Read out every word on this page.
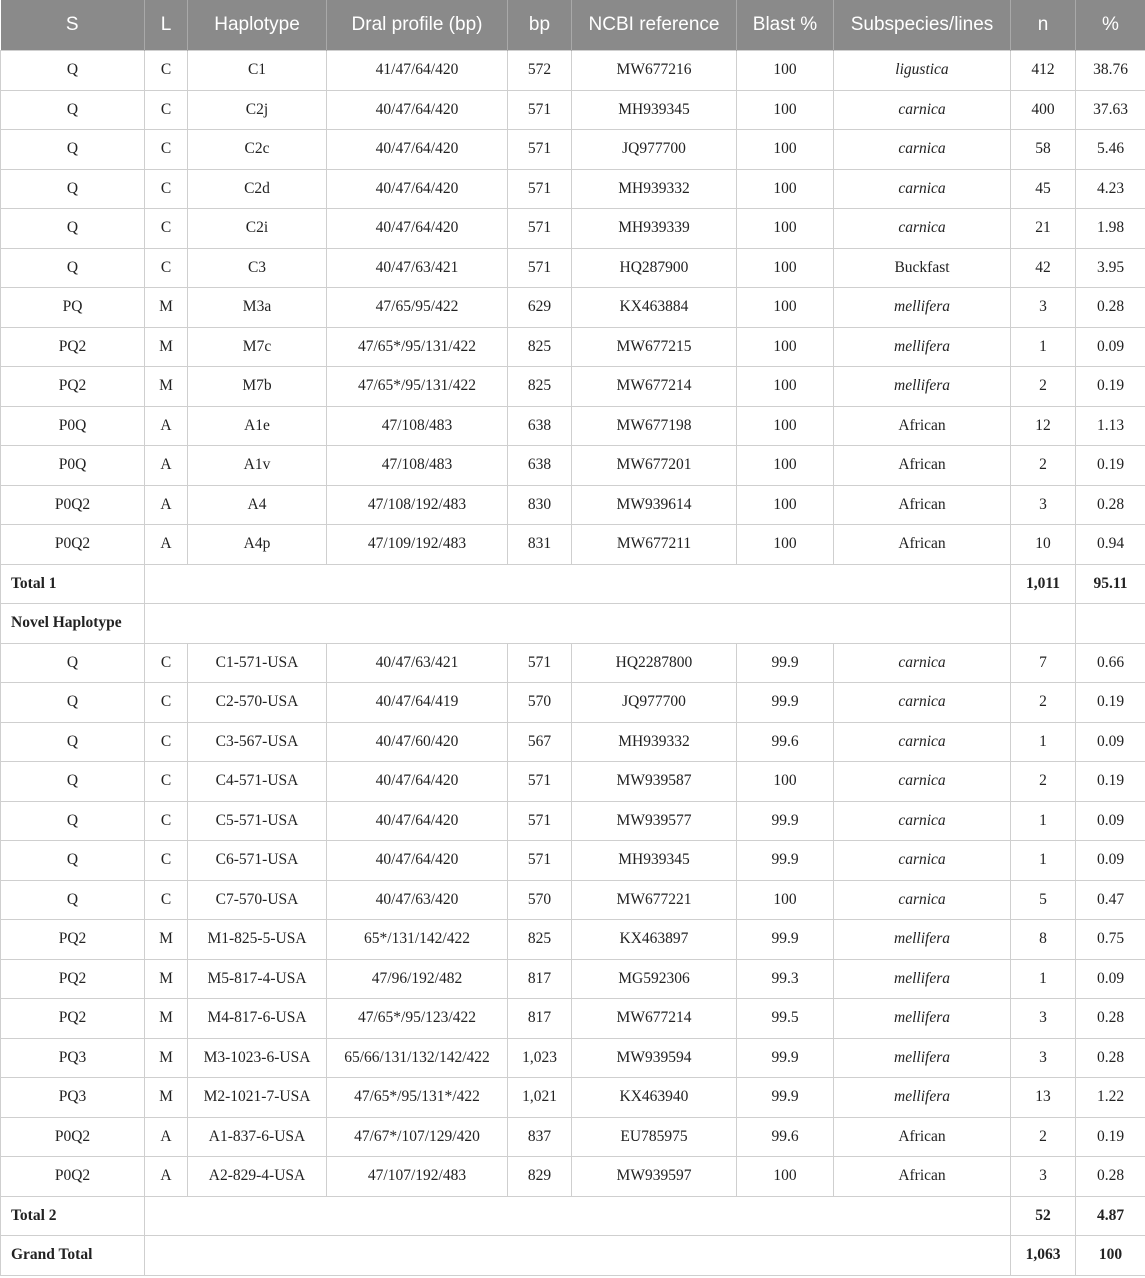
S	L	Haplotype	Dral profile (bp)	bp	NCBI reference	Blast %	Subspecies/lines	n	%
Q	C	C1	41/47/64/420	572	MW677216	100	ligustica	412	38.76
Q	C	C2j	40/47/64/420	571	MH939345	100	carnica	400	37.63
Q	C	C2c	40/47/64/420	571	JQ977700	100	carnica	58	5.46
Q	C	C2d	40/47/64/420	571	MH939332	100	carnica	45	4.23
Q	C	C2i	40/47/64/420	571	MH939339	100	carnica	21	1.98
Q	C	C3	40/47/63/421	571	HQ287900	100	Buckfast	42	3.95
PQ	M	M3a	47/65/95/422	629	KX463884	100	mellifera	3	0.28
PQ2	M	M7c	47/65*/95/131/422	825	MW677215	100	mellifera	1	0.09
PQ2	M	M7b	47/65*/95/131/422	825	MW677214	100	mellifera	2	0.19
P0Q	A	A1e	47/108/483	638	MW677198	100	African	12	1.13
P0Q	A	A1v	47/108/483	638	MW677201	100	African	2	0.19
P0Q2	A	A4	47/108/192/483	830	MW939614	100	African	3	0.28
P0Q2	A	A4p	47/109/192/483	831	MW677211	100	African	10	0.94
Total 1								1,011	95.11
Novel Haplotype									
Q	C	C1-571-USA	40/47/63/421	571	HQ2287800	99.9	carnica	7	0.66
Q	C	C2-570-USA	40/47/64/419	570	JQ977700	99.9	carnica	2	0.19
Q	C	C3-567-USA	40/47/60/420	567	MH939332	99.6	carnica	1	0.09
Q	C	C4-571-USA	40/47/64/420	571	MW939587	100	carnica	2	0.19
Q	C	C5-571-USA	40/47/64/420	571	MW939577	99.9	carnica	1	0.09
Q	C	C6-571-USA	40/47/64/420	571	MH939345	99.9	carnica	1	0.09
Q	C	C7-570-USA	40/47/63/420	570	MW677221	100	carnica	5	0.47
PQ2	M	M1-825-5-USA	65*/131/142/422	825	KX463897	99.9	mellifera	8	0.75
PQ2	M	M5-817-4-USA	47/96/192/482	817	MG592306	99.3	mellifera	1	0.09
PQ2	M	M4-817-6-USA	47/65*/95/123/422	817	MW677214	99.5	mellifera	3	0.28
PQ3	M	M3-1023-6-USA	65/66/131/132/142/422	1,023	MW939594	99.9	mellifera	3	0.28
PQ3	M	M2-1021-7-USA	47/65*/95/131*/422	1,021	KX463940	99.9	mellifera	13	1.22
P0Q2	A	A1-837-6-USA	47/67*/107/129/420	837	EU785975	99.6	African	2	0.19
P0Q2	A	A2-829-4-USA	47/107/192/483	829	MW939597	100	African	3	0.28
Total 2								52	4.87
Grand Total								1,063	100
